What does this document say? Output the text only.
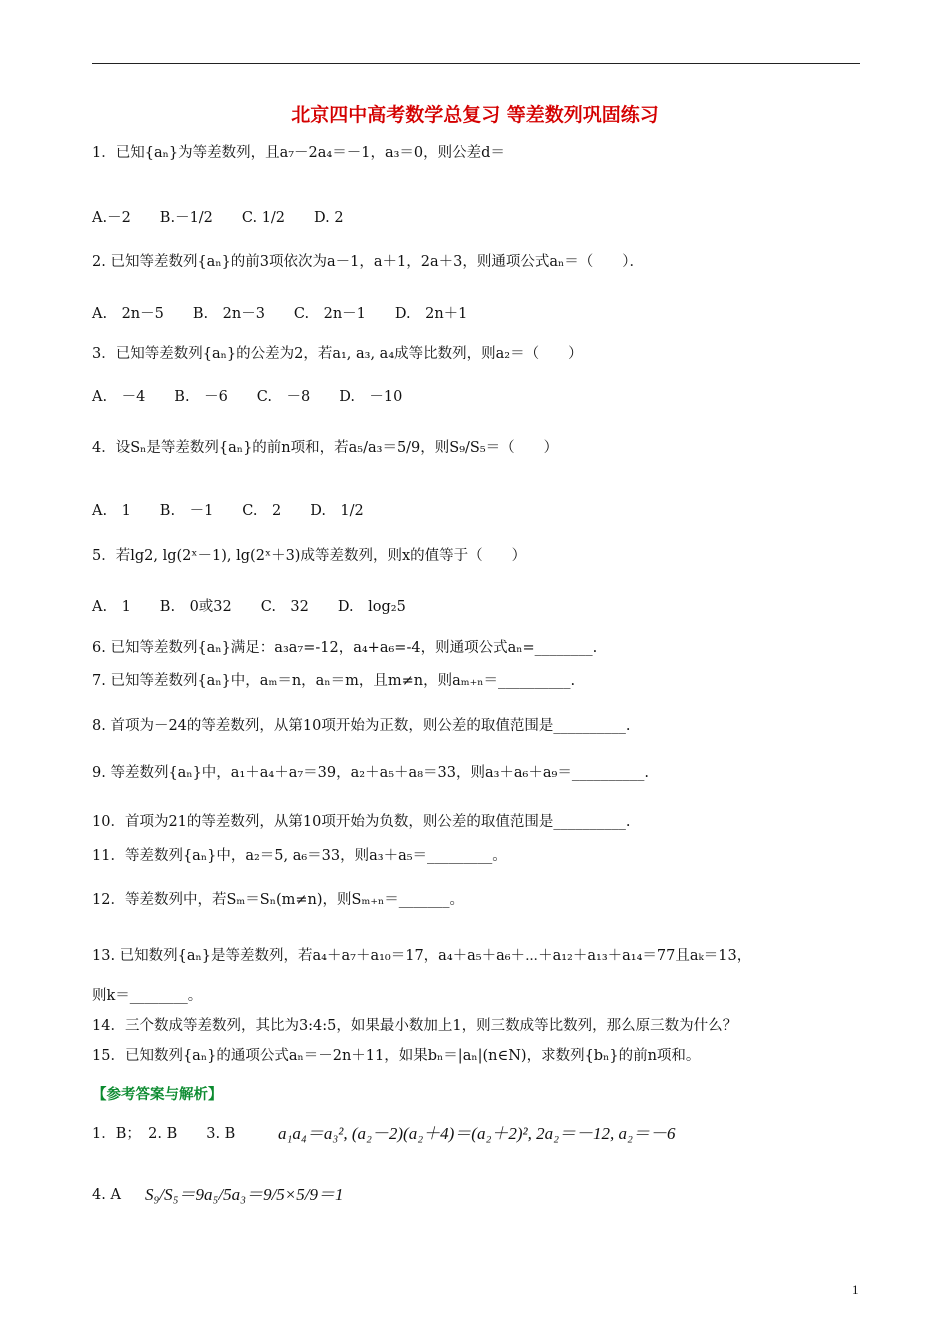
北京四中高考数学总复习 等差数列巩固练习
1．已知{aₙ}为等差数列，且a₇－2a₄＝－1，a₃＝0，则公差d＝
A.－2　　B.－1/2　　C. 1/2　　D. 2
2. 已知等差数列{aₙ}的前3项依次为a－1，a＋1，2a＋3，则通项公式aₙ＝（　　）．
A.　2n－5　　B.　2n－3　　C.　2n－1　　D.　2n＋1
3．已知等差数列{aₙ}的公差为2，若a₁, a₃, a₄成等比数列，则a₂＝（　　）
A.　－4　　B.　－6　　C.　－8　　D.　－10
4．设Sₙ是等差数列{aₙ}的前n项和，若a₅/a₃＝5/9，则S₉/S₅＝（　　）
A.　1　　B.　－1　　C.　2　　D.　1/2
5．若lg2, lg(2ˣ－1), lg(2ˣ＋3)成等差数列，则x的值等于（　　）
A.　1　　B.　0或32　　C.　32　　D.　log₂5
6. 已知等差数列{aₙ}满足：a₃a₇=-12，a₄+a₆=-4，则通项公式aₙ=________.
7. 已知等差数列{aₙ}中，aₘ＝n，aₙ＝m，且m≠n，则aₘ₊ₙ＝__________.
8. 首项为－24的等差数列，从第10项开始为正数，则公差的取值范围是__________.
9. 等差数列{aₙ}中，a₁＋a₄＋a₇＝39，a₂＋a₅＋a₈＝33，则a₃＋a₆＋a₉＝__________.
10．首项为21的等差数列，从第10项开始为负数，则公差的取值范围是__________.
11．等差数列{aₙ}中，a₂＝5, a₆＝33，则a₃＋a₅＝_________。
12．等差数列中，若Sₘ＝Sₙ(m≠n)，则Sₘ₊ₙ＝_______。
13. 已知数列{aₙ}是等差数列，若a₄＋a₇＋a₁₀＝17，a₄＋a₅＋a₆＋⋯＋a₁₂＋a₁₃＋a₁₄＝77且aₖ＝13，
则k＝________。
14．三个数成等差数列，其比为3:4:5，如果最小数加上1，则三数成等比数列，那么原三数为什么？
15．已知数列{aₙ}的通项公式aₙ＝－2n＋11，如果bₙ＝|aₙ|(n∈N)，求数列{bₙ}的前n项和。
【参考答案与解析】
1．B；　2. B　　3. B	a₁a₄＝a₃², (a₂－2)(a₂＋4)＝(a₂＋2)², 2a₂＝－12, a₂＝－6
4. A S₉/S₅＝9a₅/5a₃＝9/5×5/9＝1
1
